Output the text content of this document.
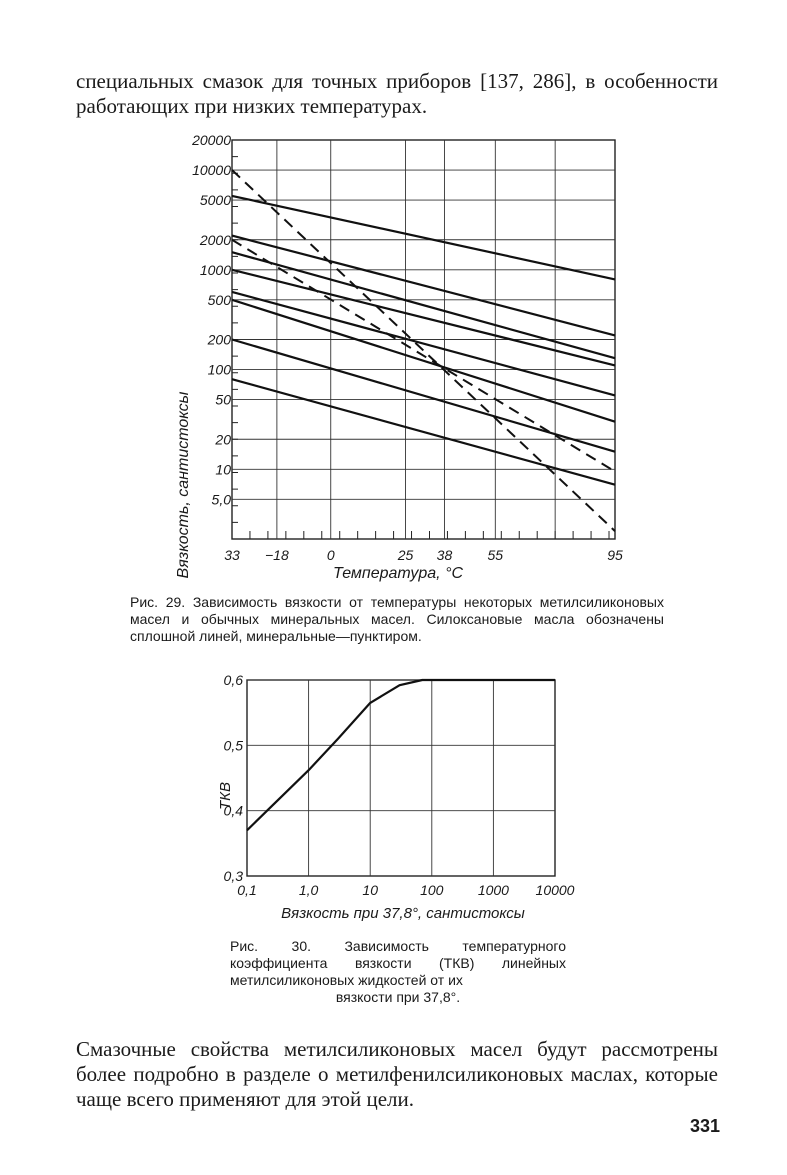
специальных смазок для точных приборов [137, 286], в особенности работающих при низких температурах.

20000
10000
5000
2000
1000
500
200
100
50
20
10
5,0
33 −18	0	25 38	55	95
Вязкость, сантистоксы	Температура, °С

Рис. 29. Зависимость вязкости от температуры некоторых метилсиликоновых масел и обычных минеральных масел. Силоксановые масла обозначены сплошной линей, минеральные—пунктиром.

0,6
0,5
0,4
0,3
0,1	1,0	10	100 1000 10000
ТКВ
Вязкость при 37,8°, сантистоксы

Рис. 30. Зависимость температурного коэффициента вязкости (ТКВ) линейных метилсиликоновых жидкостей от их
вязкости при 37,8°.

Смазочные свойства метилсиликоновых масел будут рассмотрены более подробно в разделе о метилфенилсиликоновых маслах, которые чаще всего применяют для этой цели.

331
